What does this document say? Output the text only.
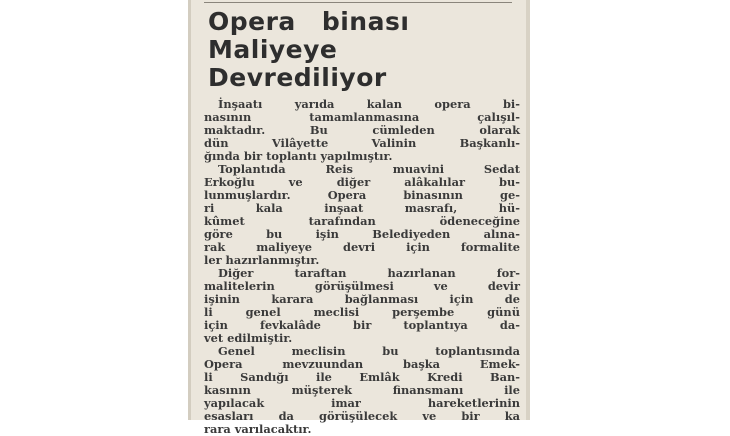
Opera binası
Maliyeye
Devrediliyor
İnşaatı yarıda kalan opera bi-
nasının tamamlanmasına çalışıl-
maktadır. Bu cümleden olarak
dün Vilâyette Valinin Başkanlı-
ğında bir toplantı yapılmıştır.
Toplantıda Reis muavini Sedat
Erkoğlu ve diğer alâkalılar bu-
lunmuşlardır. Opera binasının ge-
ri kala inşaat masrafı, hü-
kûmet tarafından ödeneceğine
göre bu işin Belediyeden alına-
rak maliyeye devri için formalite
ler hazırlanmıştır.
Diğer taraftan hazırlanan for-
malitelerin görüşülmesi ve devir
işinin karara bağlanması için de
li genel meclisi perşembe günü
için fevkalâde bir toplantıya da-
vet edilmiştir.
Genel meclisin bu toplantısında
Opera mevzuundan başka Emek-
li Sandığı ile Emlâk Kredi Ban-
kasının müşterek finansmanı ile
yapılacak imar hareketlerinin
esasları da görüşülecek ve bir ka
rara varılacaktır.
